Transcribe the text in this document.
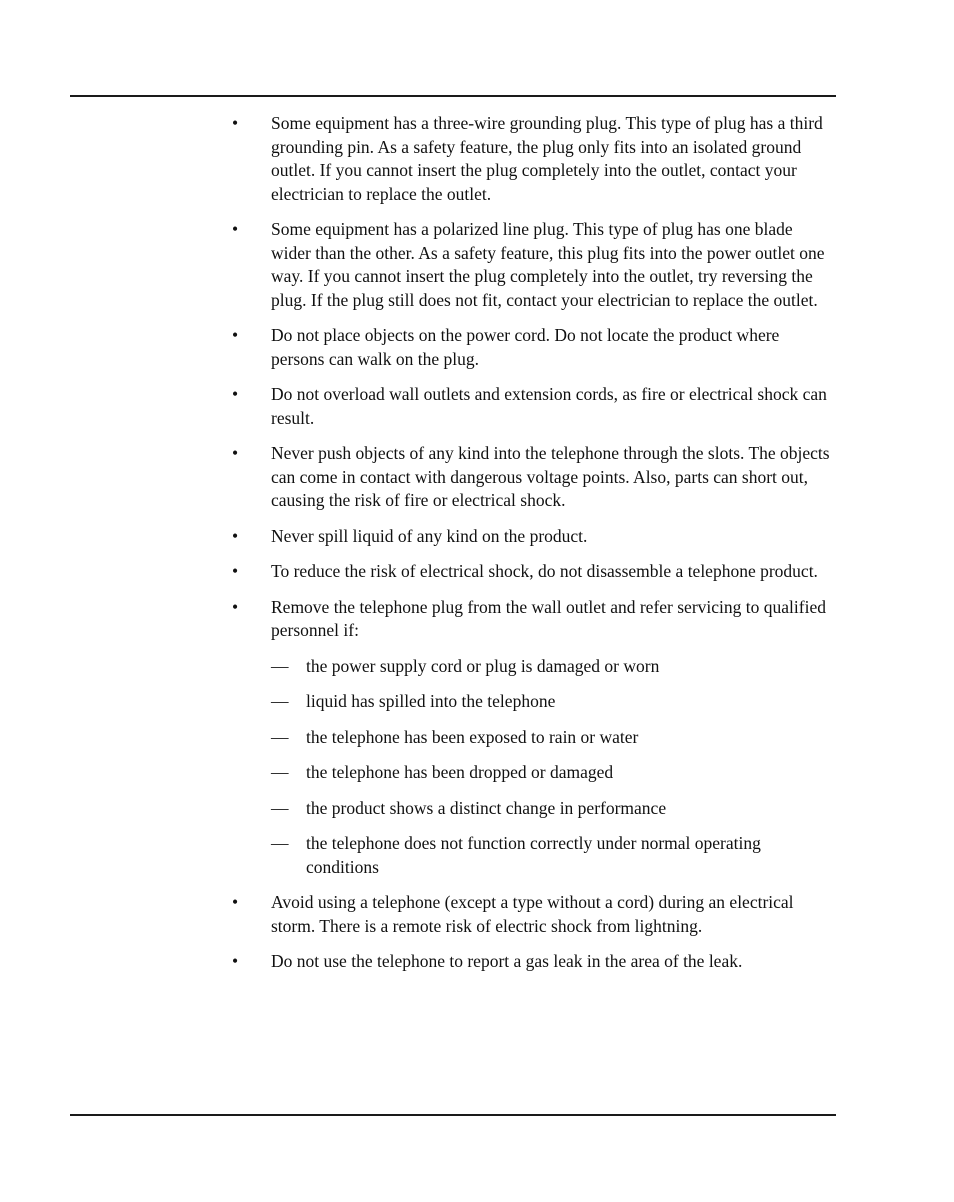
•	Some equipment has a three-wire grounding plug. This type of plug has a third grounding pin. As a safety feature, the plug only fits into an isolated ground outlet. If you cannot insert the plug completely into the outlet, contact your electrician to replace the outlet.
•	Some equipment has a polarized line plug. This type of plug has one blade wider than the other. As a safety feature, this plug fits into the power outlet one way. If you cannot insert the plug completely into the outlet, try reversing the plug. If the plug still does not fit, contact your electrician to replace the outlet.
•	Do not place objects on the power cord. Do not locate the product where persons can walk on the plug.
•	Do not overload wall outlets and extension cords, as fire or electrical shock can result.
•	Never push objects of any kind into the telephone through the slots. The objects can come in contact with dangerous voltage points. Also, parts can short out, causing the risk of fire or electrical shock.
•	Never spill liquid of any kind on the product.
•	To reduce the risk of electrical shock, do not disassemble a telephone product.
•	Remove the telephone plug from the wall outlet and refer servicing to qualified personnel if:
— the power supply cord or plug is damaged or worn
— liquid has spilled into the telephone
— the telephone has been exposed to rain or water
— the telephone has been dropped or damaged
— the product shows a distinct change in performance
— the telephone does not function correctly under normal operating conditions
•	Avoid using a telephone (except a type without a cord) during an electrical storm. There is a remote risk of electric shock from lightning.
•	Do not use the telephone to report a gas leak in the area of the leak.
